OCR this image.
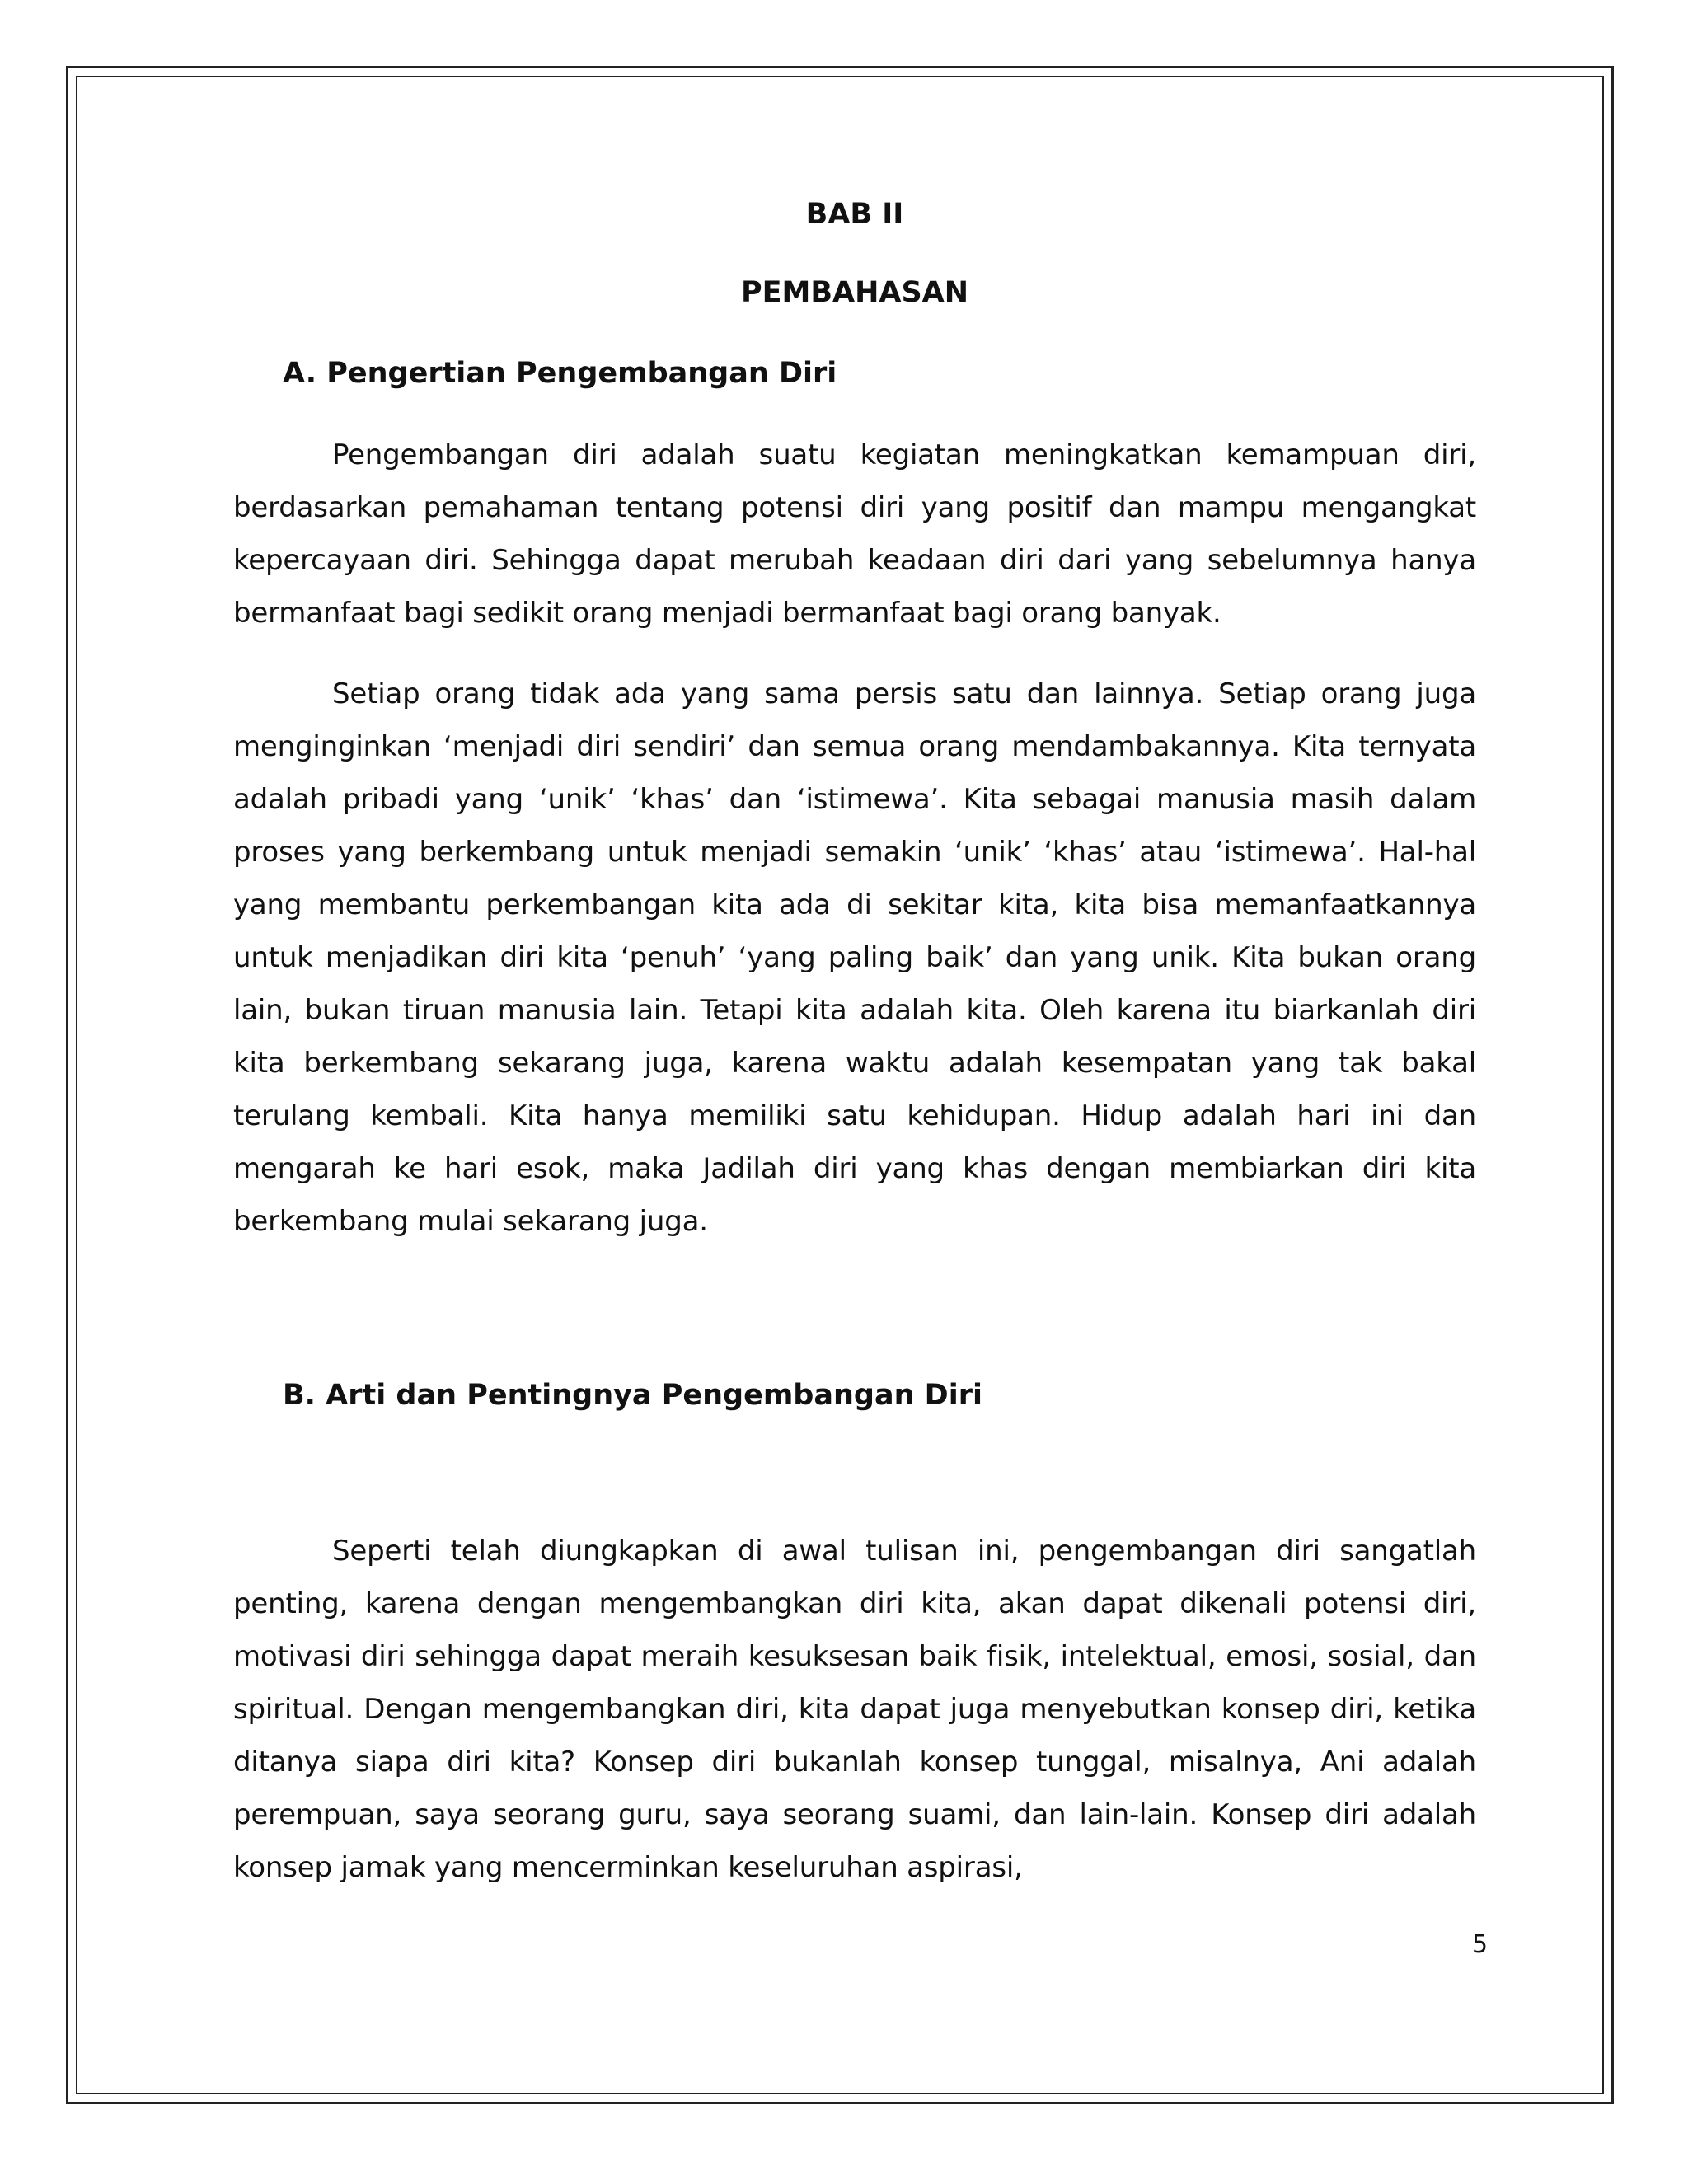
BAB II
PEMBAHASAN
A. Pengertian Pengembangan Diri

Pengembangan diri adalah suatu kegiatan meningkatkan kemampuan diri, berdasarkan pemahaman tentang potensi diri yang positif dan mampu mengangkat kepercayaan diri. Sehingga dapat merubah keadaan diri dari yang sebelumnya hanya bermanfaat bagi sedikit orang menjadi bermanfaat bagi orang banyak.

Setiap orang tidak ada yang sama persis satu dan lainnya. Setiap orang juga menginginkan ‘menjadi diri sendiri’ dan semua orang mendambakannya. Kita ternyata adalah pribadi yang ‘unik’ ‘khas’ dan ‘istimewa’. Kita sebagai manusia masih dalam proses yang berkembang untuk menjadi semakin ‘unik’ ‘khas’ atau ‘istimewa’. Hal-hal yang membantu perkembangan kita ada di sekitar kita, kita bisa memanfaatkannya untuk menjadikan diri kita ‘penuh’ ‘yang paling baik’ dan yang unik. Kita bukan orang lain, bukan tiruan manusia lain. Tetapi kita adalah kita. Oleh karena itu biarkanlah diri kita berkembang sekarang juga, karena waktu adalah kesempatan yang tak bakal terulang kembali. Kita hanya memiliki satu kehidupan. Hidup adalah hari ini dan mengarah ke hari esok, maka Jadilah diri yang khas dengan membiarkan diri kita berkembang mulai sekarang juga.

B. Arti dan Pentingnya Pengembangan Diri

Seperti telah diungkapkan di awal tulisan ini, pengembangan diri sangatlah penting, karena dengan mengembangkan diri kita, akan dapat dikenali potensi diri, motivasi diri sehingga dapat meraih kesuksesan baik fisik, intelektual, emosi, sosial, dan spiritual. Dengan mengembangkan diri, kita dapat juga menyebutkan konsep diri, ketika ditanya siapa diri kita? Konsep diri bukanlah konsep tunggal, misalnya, Ani adalah perempuan, saya seorang guru, saya seorang suami, dan lain-lain. Konsep diri adalah konsep jamak yang mencerminkan keseluruhan aspirasi,

5
